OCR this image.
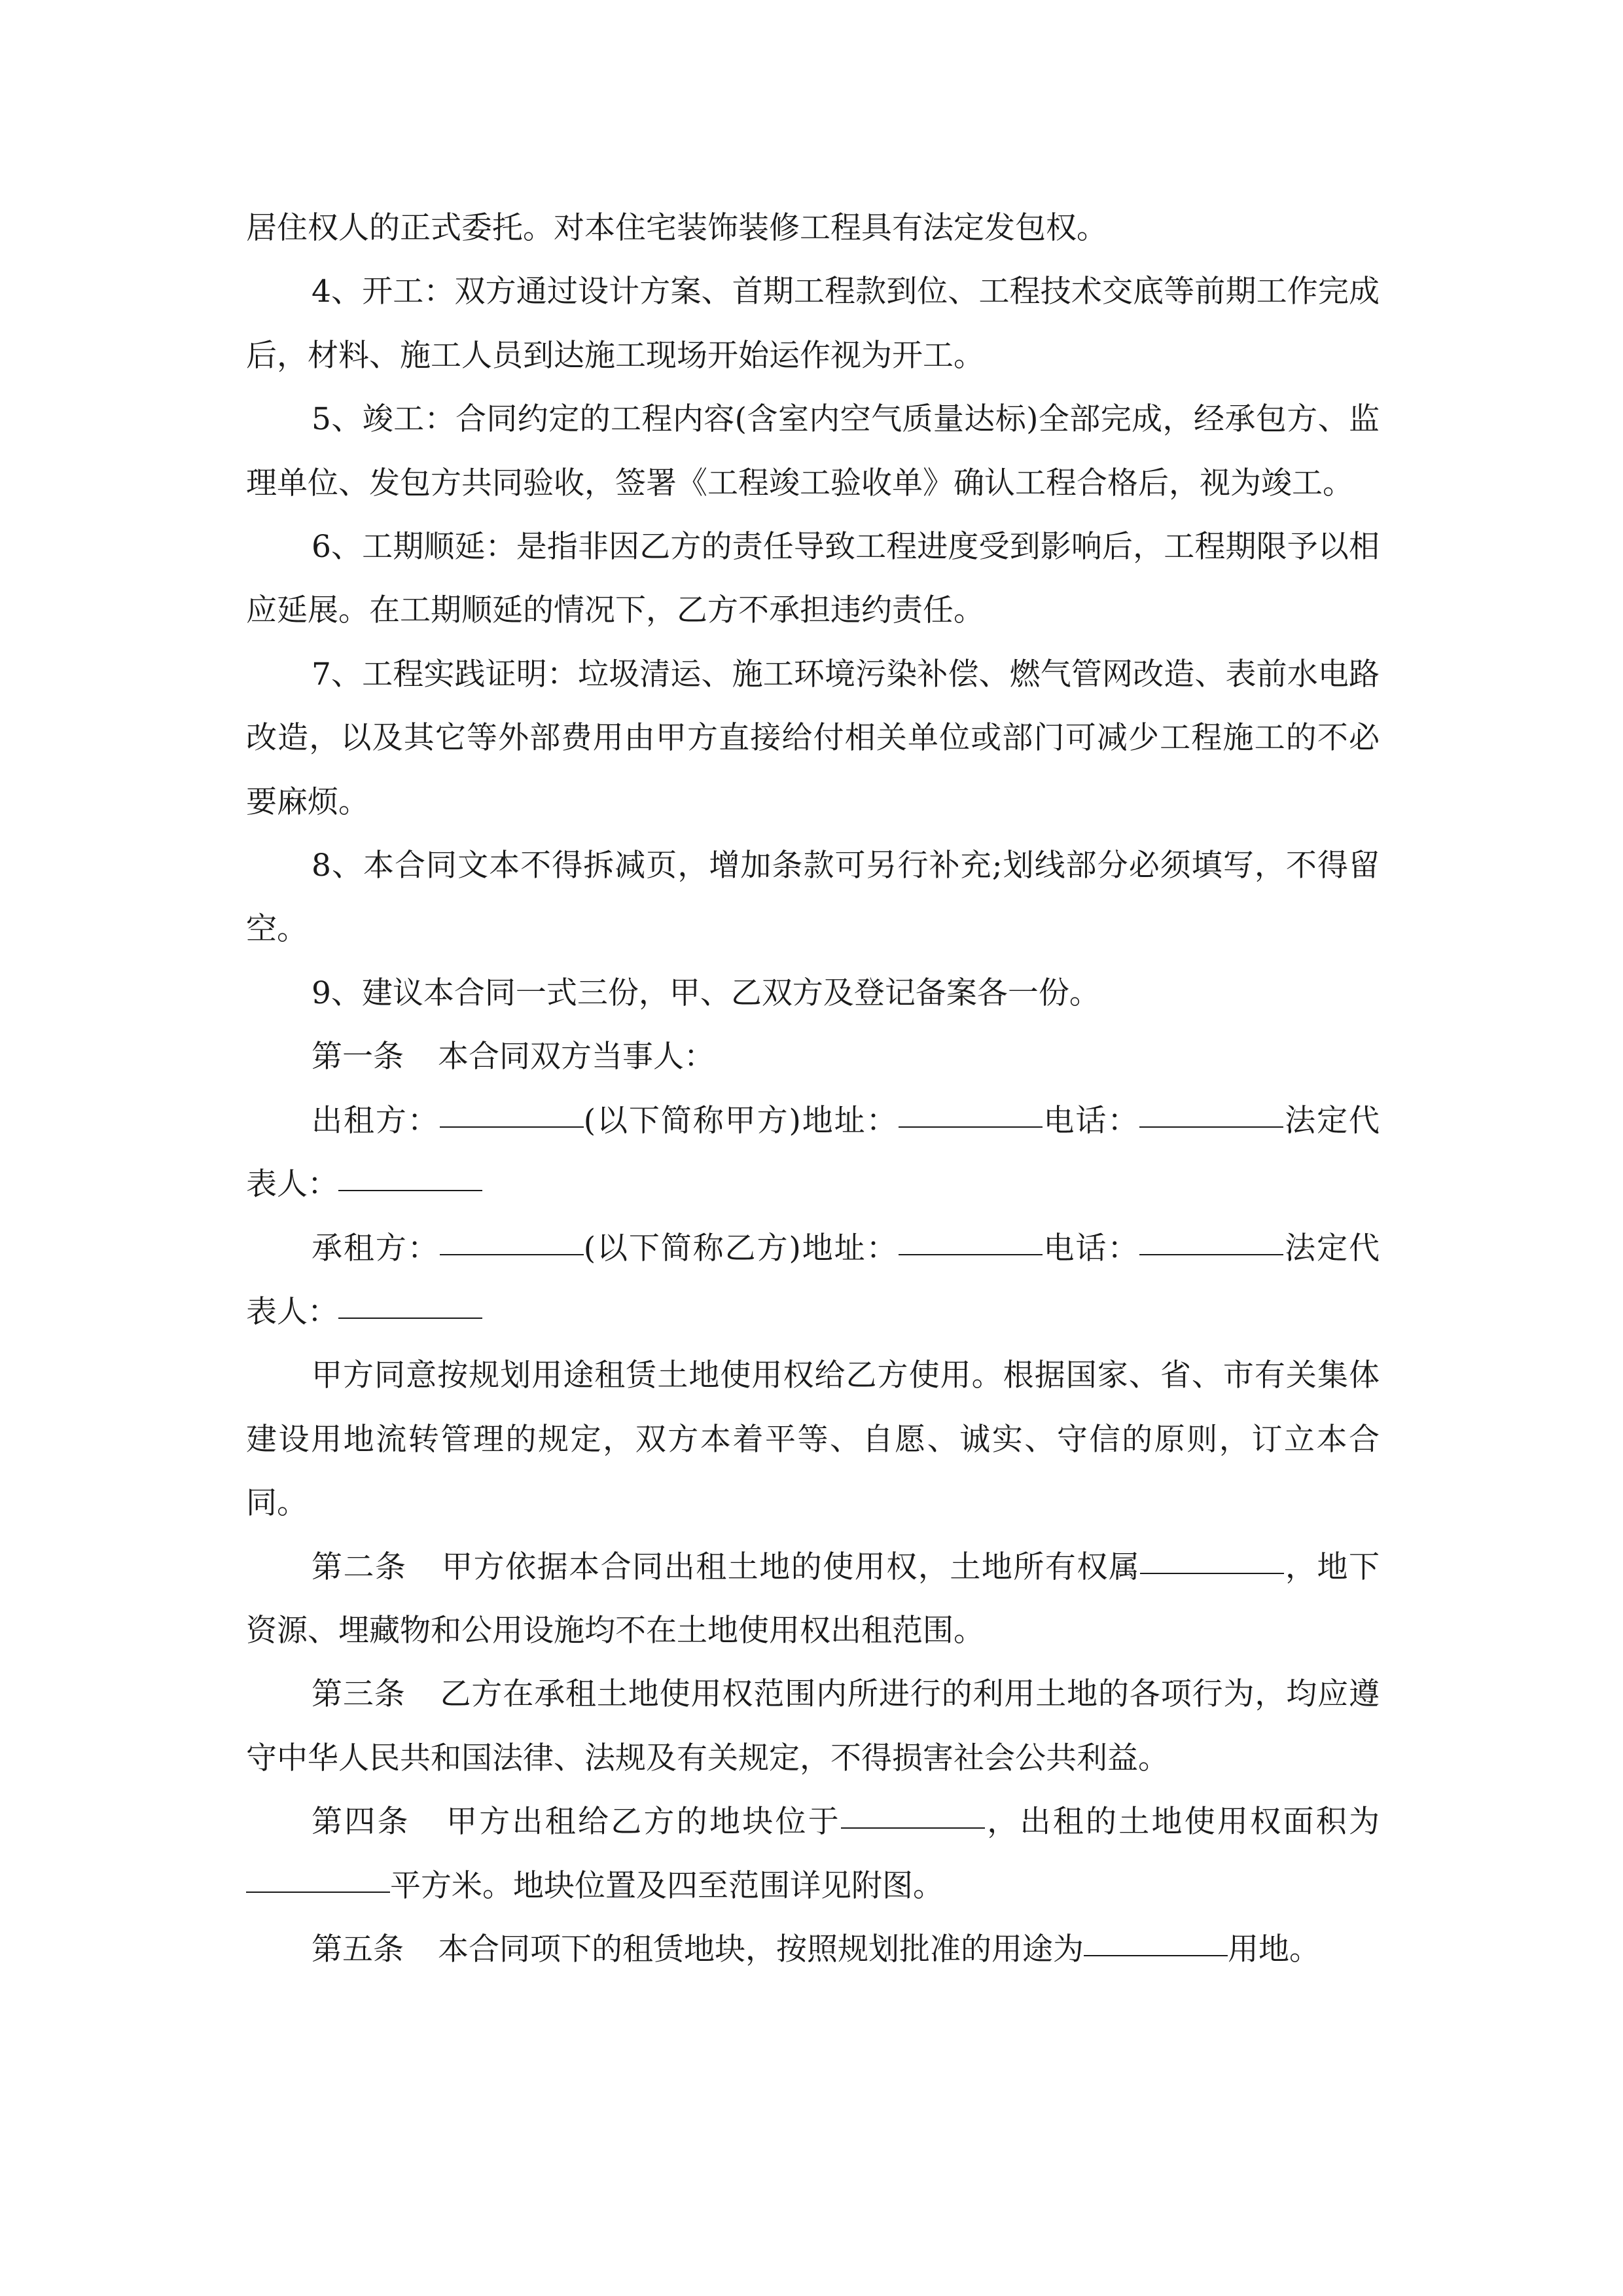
居住权人的正式委托。对本住宅装饰装修工程具有法定发包权。

4、开工：双方通过设计方案、首期工程款到位、工程技术交底等前期工作完成后，材料、施工人员到达施工现场开始运作视为开工。

5、竣工：合同约定的工程内容(含室内空气质量达标)全部完成，经承包方、监理单位、发包方共同验收，签署《工程竣工验收单》确认工程合格后，视为竣工。

6、工期顺延：是指非因乙方的责任导致工程进度受到影响后，工程期限予以相应延展。在工期顺延的情况下，乙方不承担违约责任。

7、工程实践证明：垃圾清运、施工环境污染补偿、燃气管网改造、表前水电路改造，以及其它等外部费用由甲方直接给付相关单位或部门可减少工程施工的不必要麻烦。

8、本合同文本不得拆减页，增加条款可另行补充;划线部分必须填写，不得留空。

9、建议本合同一式三份，甲、乙双方及登记备案各一份。

第一条 本合同双方当事人：

出租方：	(以下简称甲方)地址：	电话：	法定代表人：

承租方：	(以下简称乙方)地址：	电话：	法定代表人：

甲方同意按规划用途租赁土地使用权给乙方使用。根据国家、省、市有关集体建设用地流转管理的规定，双方本着平等、自愿、诚实、守信的原则，订立本合同。

第二条 甲方依据本合同出租土地的使用权，土地所有权属	，地下资源、埋藏物和公用设施均不在土地使用权出租范围。

第三条 乙方在承租土地使用权范围内所进行的利用土地的各项行为，均应遵守中华人民共和国法律、法规及有关规定，不得损害社会公共利益。

第四条 甲方出租给乙方的地块位于	，出租的土地使用权面积为平方米。地块位置及四至范围详见附图。

第五条 本合同项下的租赁地块，按照规划批准的用途为	用地。
